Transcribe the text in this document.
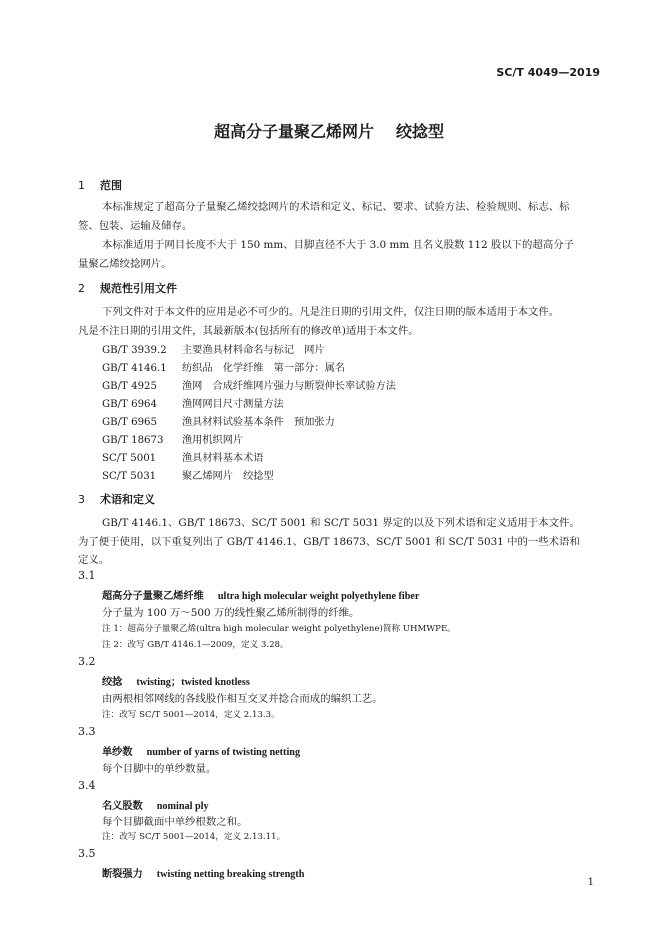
SC/T 4049—2019
超高分子量聚乙烯网片 绞捻型
1 范围
本标准规定了超高分子量聚乙烯绞捻网片的术语和定义、标记、要求、试验方法、检验规则、标志、标
签、包装、运输及储存。
本标准适用于网目长度不大于 150 mm、目脚直径不大于 3.0 mm 且名义股数 112 股以下的超高分子
量聚乙烯绞捻网片。
2 规范性引用文件
下列文件对于本文件的应用是必不可少的。凡是注日期的引用文件，仅注日期的版本适用于本文件。
凡是不注日期的引用文件，其最新版本(包括所有的修改单)适用于本文件。
GB/T 3939.2 主要渔具材料命名与标记　网片
GB/T 4146.1 纺织品　化学纤维　第一部分：属名
GB/T 4925 渔网　合成纤维网片强力与断裂伸长率试验方法
GB/T 6964 渔网网目尺寸测量方法
GB/T 6965 渔具材料试验基本条件　预加张力
GB/T 18673 渔用机织网片
SC/T 5001	渔具材料基本术语
SC/T 5031	聚乙烯网片　绞捻型
3 术语和定义
GB/T 4146.1、GB/T 18673、SC/T 5001 和 SC/T 5031 界定的以及下列术语和定义适用于本文件。
为了便于使用，以下重复列出了 GB/T 4146.1、GB/T 18673、SC/T 5001 和 SC/T 5031 中的一些术语和
定义。
3.1
超高分子量聚乙烯纤维 ultra high molecular weight polyethylene fiber
分子量为 100 万～500 万的线性聚乙烯所制得的纤维。
注 1：超高分子量聚乙烯(ultra high molecular weight polyethylene)简称 UHMWPE。
注 2：改写 GB/T 4146.1—2009，定义 3.28。
3.2
绞捻 twisting；twisted knotless
由两根相邻网线的各线股作相互交叉并捻合而成的编织工艺。
注：改写 SC/T 5001—2014，定义 2.13.3。
3.3
单纱数 number of yarns of twisting netting
每个目脚中的单纱数量。
3.4
名义股数 nominal ply
每个目脚截面中单纱根数之和。
注：改写 SC/T 5001—2014，定义 2.13.11。
3.5
断裂强力 twisting netting breaking strength
1
